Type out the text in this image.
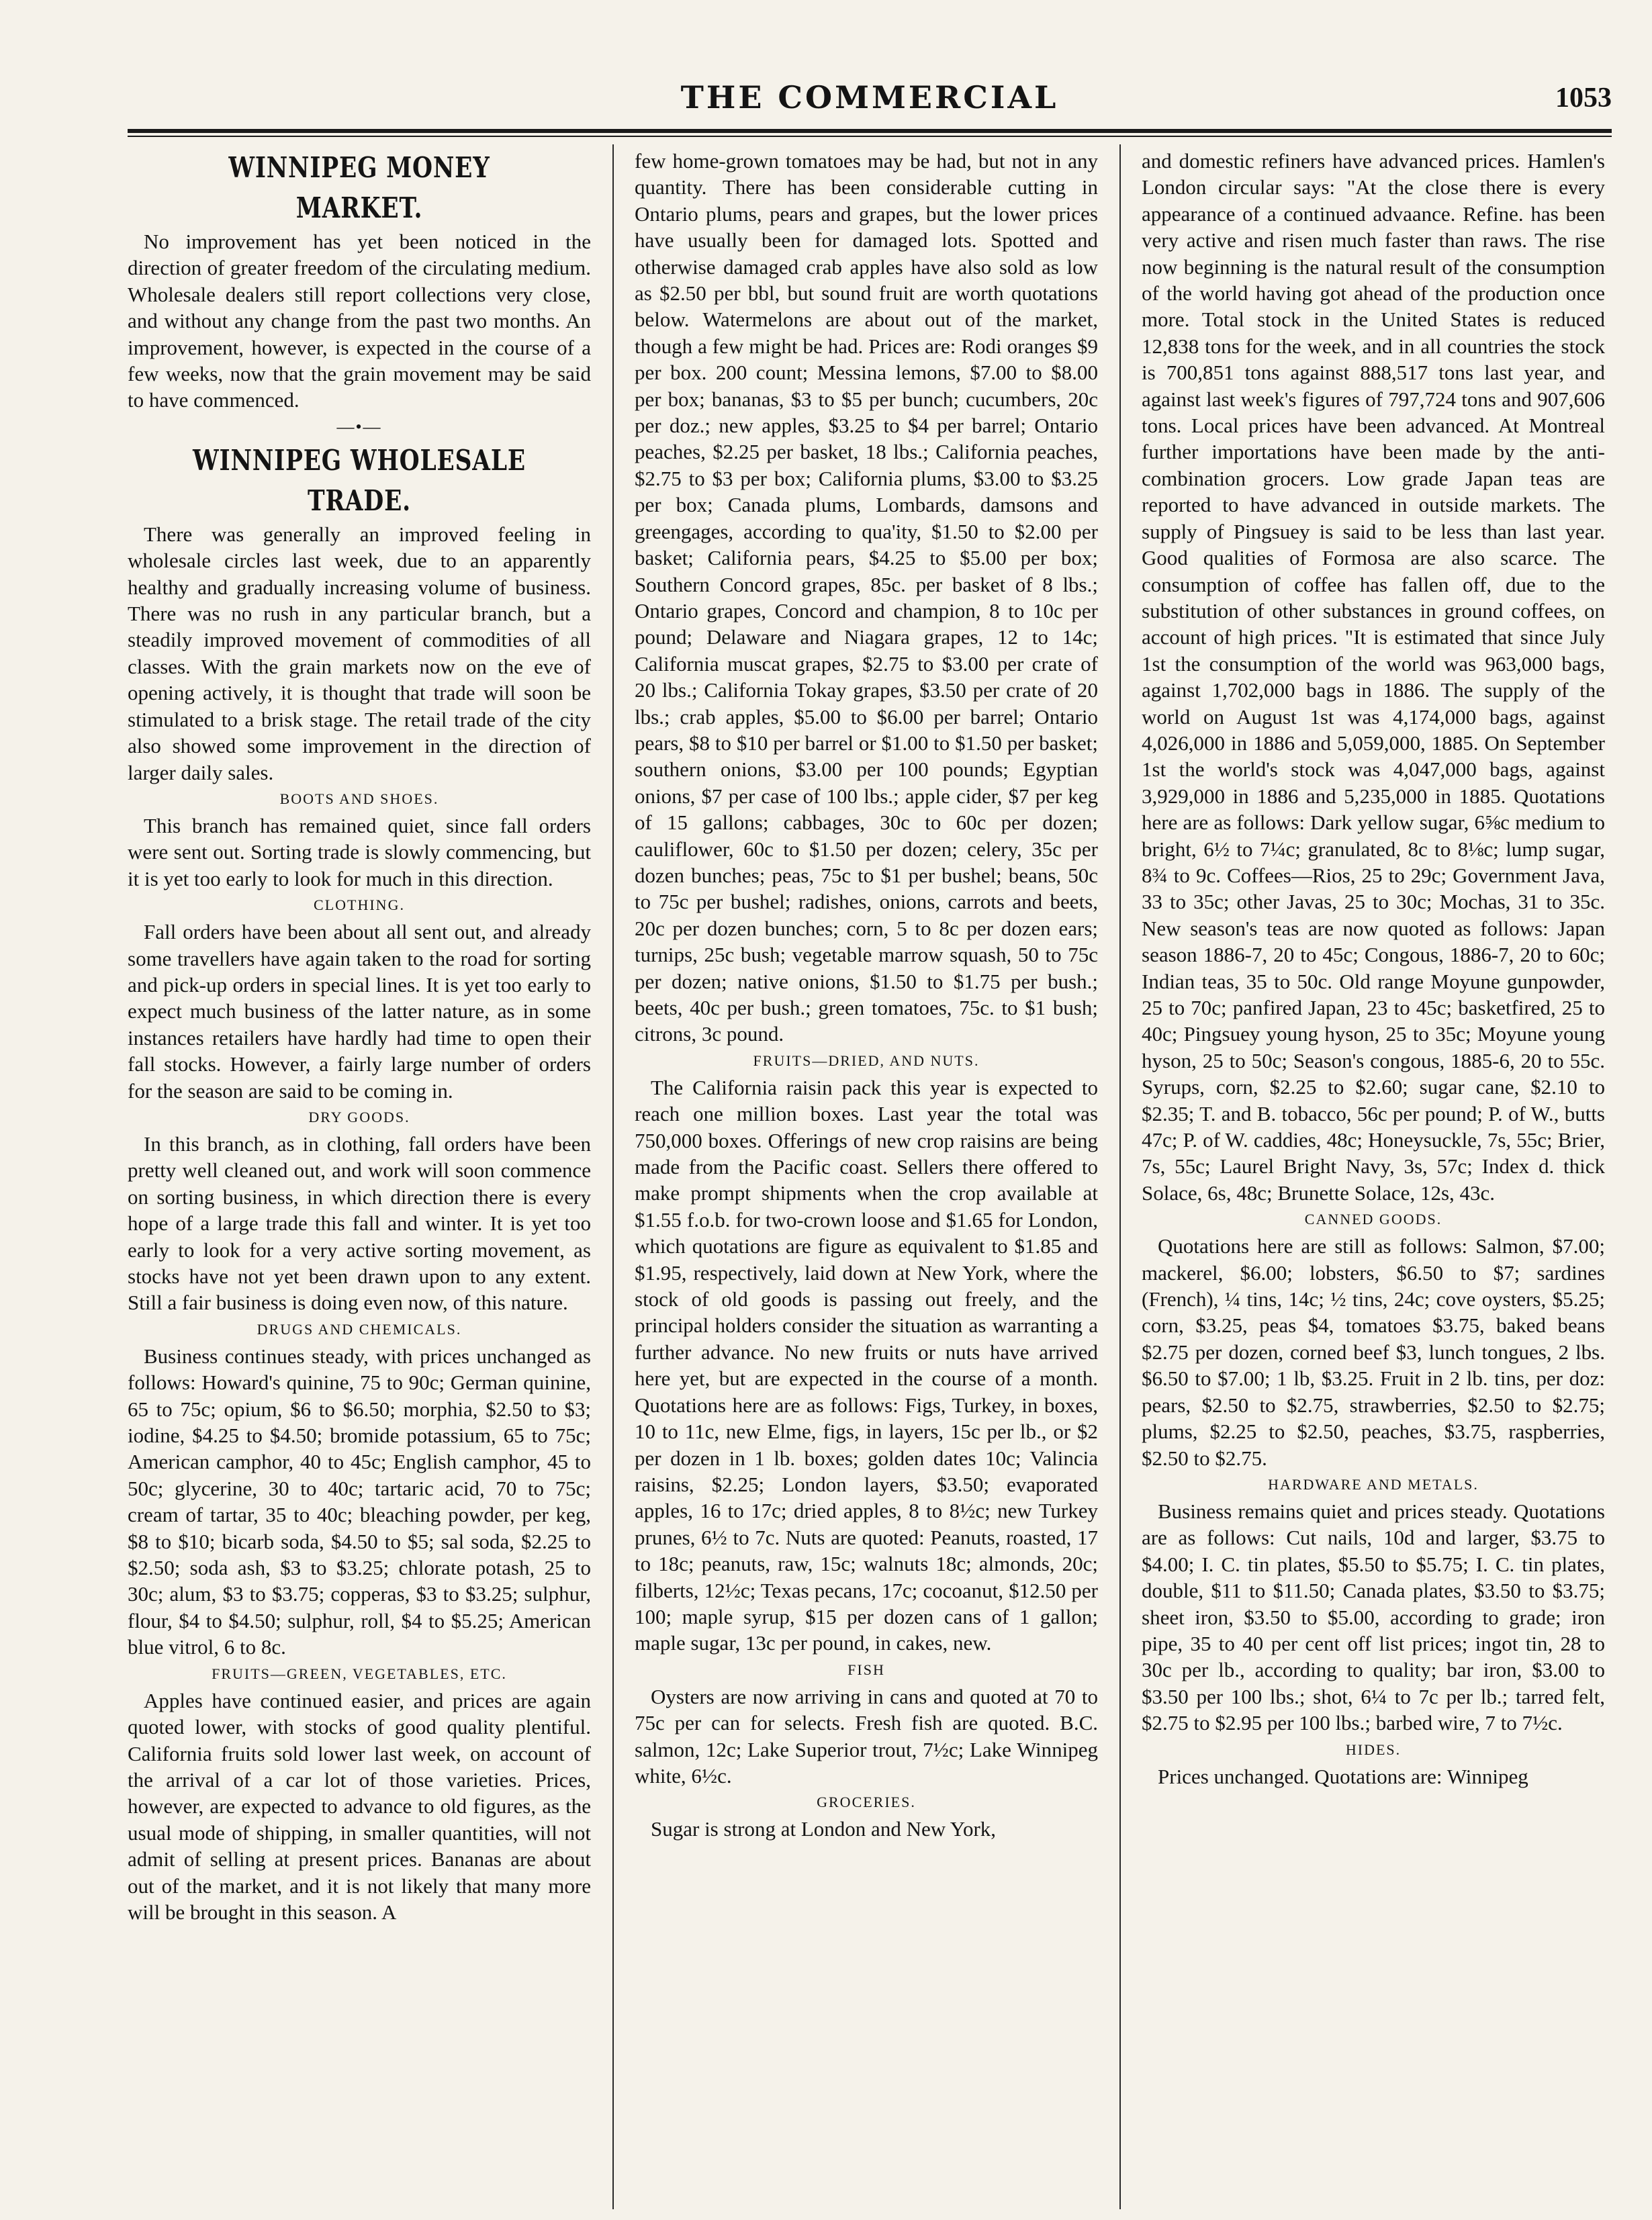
THE COMMERCIAL	1053
WINNIPEG MONEY MARKET.

No improvement has yet been noticed in the direction of greater freedom of the circulating medium. Wholesale dealers still report collections very close, and without any change from the past two months. An improvement, however, is expected in the course of a few weeks, now that the grain movement may be said to have commenced.

—•—
WINNIPEG WHOLESALE TRADE.

There was generally an improved feeling in wholesale circles last week, due to an apparently healthy and gradually increasing volume of business. There was no rush in any particular branch, but a steadily improved movement of commodities of all classes. With the grain markets now on the eve of opening actively, it is thought that trade will soon be stimulated to a brisk stage. The retail trade of the city also showed some improvement in the direction of larger daily sales.

BOOTS AND SHOES.

This branch has remained quiet, since fall orders were sent out. Sorting trade is slowly commencing, but it is yet too early to look for much in this direction.

CLOTHING.

Fall orders have been about all sent out, and already some travellers have again taken to the road for sorting and pick-up orders in special lines. It is yet too early to expect much business of the latter nature, as in some instances retailers have hardly had time to open their fall stocks. However, a fairly large number of orders for the season are said to be coming in.

DRY GOODS.

In this branch, as in clothing, fall orders have been pretty well cleaned out, and work will soon commence on sorting business, in which direction there is every hope of a large trade this fall and winter. It is yet too early to look for a very active sorting movement, as stocks have not yet been drawn upon to any extent. Still a fair business is doing even now, of this nature.

DRUGS AND CHEMICALS.

Business continues steady, with prices unchanged as follows: Howard's quinine, 75 to 90c; German quinine, 65 to 75c; opium, $6 to $6.50; morphia, $2.50 to $3; iodine, $4.25 to $4.50; bromide potassium, 65 to 75c; American camphor, 40 to 45c; English camphor, 45 to 50c; glycerine, 30 to 40c; tartaric acid, 70 to 75c; cream of tartar, 35 to 40c; bleaching powder, per keg, $8 to $10; bicarb soda, $4.50 to $5; sal soda, $2.25 to $2.50; soda ash, $3 to $3.25; chlorate potash, 25 to 30c; alum, $3 to $3.75; copperas, $3 to $3.25; sulphur, flour, $4 to $4.50; sulphur, roll, $4 to $5.25; American blue vitrol, 6 to 8c.

FRUITS—GREEN, VEGETABLES, ETC.

Apples have continued easier, and prices are again quoted lower, with stocks of good quality plentiful. California fruits sold lower last week, on account of the arrival of a car lot of those varieties. Prices, however, are expected to advance to old figures, as the usual mode of shipping, in smaller quantities, will not admit of selling at present prices. Bananas are about out of the market, and it is not likely that many more will be brought in this season. A

few home-grown tomatoes may be had, but not in any quantity. There has been considerable cutting in Ontario plums, pears and grapes, but the lower prices have usually been for damaged lots. Spotted and otherwise damaged crab apples have also sold as low as $2.50 per bbl, but sound fruit are worth quotations below. Watermelons are about out of the market, though a few might be had. Prices are: Rodi oranges $9 per box. 200 count; Messina lemons, $7.00 to $8.00 per box; bananas, $3 to $5 per bunch; cucumbers, 20c per doz.; new apples, $3.25 to $4 per barrel; Ontario peaches, $2.25 per basket, 18 lbs.; California peaches, $2.75 to $3 per box; California plums, $3.00 to $3.25 per box; Canada plums, Lombards, damsons and greengages, according to qua'ity, $1.50 to $2.00 per basket; California pears, $4.25 to $5.00 per box; Southern Concord grapes, 85c. per basket of 8 lbs.; Ontario grapes, Concord and champion, 8 to 10c per pound; Delaware and Niagara grapes, 12 to 14c; California muscat grapes, $2.75 to $3.00 per crate of 20 lbs.; California Tokay grapes, $3.50 per crate of 20 lbs.; crab apples, $5.00 to $6.00 per barrel; Ontario pears, $8 to $10 per barrel or $1.00 to $1.50 per basket; southern onions, $3.00 per 100 pounds; Egyptian onions, $7 per case of 100 lbs.; apple cider, $7 per keg of 15 gallons; cabbages, 30c to 60c per dozen; cauliflower, 60c to $1.50 per dozen; celery, 35c per dozen bunches; peas, 75c to $1 per bushel; beans, 50c to 75c per bushel; radishes, onions, carrots and beets, 20c per dozen bunches; corn, 5 to 8c per dozen ears; turnips, 25c bush; vegetable marrow squash, 50 to 75c per dozen; native onions, $1.50 to $1.75 per bush.; beets, 40c per bush.; green tomatoes, 75c. to $1 bush; citrons, 3c pound.

FRUITS—DRIED, AND NUTS.

The California raisin pack this year is expected to reach one million boxes. Last year the total was 750,000 boxes. Offerings of new crop raisins are being made from the Pacific coast. Sellers there offered to make prompt shipments when the crop available at $1.55 f.o.b. for two-crown loose and $1.65 for London, which quotations are figure as equivalent to $1.85 and $1.95, respectively, laid down at New York, where the stock of old goods is passing out freely, and the principal holders consider the situation as warranting a further advance. No new fruits or nuts have arrived here yet, but are expected in the course of a month. Quotations here are as follows: Figs, Turkey, in boxes, 10 to 11c, new Elme, figs, in layers, 15c per lb., or $2 per dozen in 1 lb. boxes; golden dates 10c; Valincia raisins, $2.25; London layers, $3.50; evaporated apples, 16 to 17c; dried apples, 8 to 8½c; new Turkey prunes, 6½ to 7c. Nuts are quoted: Peanuts, roasted, 17 to 18c; peanuts, raw, 15c; walnuts 18c; almonds, 20c; filberts, 12½c; Texas pecans, 17c; cocoanut, $12.50 per 100; maple syrup, $15 per dozen cans of 1 gallon; maple sugar, 13c per pound, in cakes, new.

FISH

Oysters are now arriving in cans and quoted at 70 to 75c per can for selects. Fresh fish are quoted. B.C. salmon, 12c; Lake Superior trout, 7½c; Lake Winnipeg white, 6½c.

GROCERIES.

Sugar is strong at London and New York,

and domestic refiners have advanced prices. Hamlen's London circular says: "At the close there is every appearance of a continued advaance. Refine. has been very active and risen much faster than raws. The rise now beginning is the natural result of the consumption of the world having got ahead of the production once more. Total stock in the United States is reduced 12,838 tons for the week, and in all countries the stock is 700,851 tons against 888,517 tons last year, and against last week's figures of 797,724 tons and 907,606 tons. Local prices have been advanced. At Montreal further importations have been made by the anti-combination grocers. Low grade Japan teas are reported to have advanced in outside markets. The supply of Pingsuey is said to be less than last year. Good qualities of Formosa are also scarce. The consumption of coffee has fallen off, due to the substitution of other substances in ground coffees, on account of high prices. "It is estimated that since July 1st the consumption of the world was 963,000 bags, against 1,702,000 bags in 1886. The supply of the world on August 1st was 4,174,000 bags, against 4,026,000 in 1886 and 5,059,000, 1885. On September 1st the world's stock was 4,047,000 bags, against 3,929,000 in 1886 and 5,235,000 in 1885. Quotations here are as follows: Dark yellow sugar, 6⅝c medium to bright, 6½ to 7¼c; granulated, 8c to 8⅛c; lump sugar, 8¾ to 9c. Coffees—Rios, 25 to 29c; Government Java, 33 to 35c; other Javas, 25 to 30c; Mochas, 31 to 35c. New season's teas are now quoted as follows: Japan season 1886-7, 20 to 45c; Congous, 1886-7, 20 to 60c; Indian teas, 35 to 50c. Old range Moyune gunpowder, 25 to 70c; panfired Japan, 23 to 45c; basketfired, 25 to 40c; Pingsuey young hyson, 25 to 35c; Moyune young hyson, 25 to 50c; Season's congous, 1885-6, 20 to 55c. Syrups, corn, $2.25 to $2.60; sugar cane, $2.10 to $2.35; T. and B. tobacco, 56c per pound; P. of W., butts 47c; P. of W. caddies, 48c; Honeysuckle, 7s, 55c; Brier, 7s, 55c; Laurel Bright Navy, 3s, 57c; Index d. thick Solace, 6s, 48c; Brunette Solace, 12s, 43c.

CANNED GOODS.

Quotations here are still as follows: Salmon, $7.00; mackerel, $6.00; lobsters, $6.50 to $7; sardines (French), ¼ tins, 14c; ½ tins, 24c; cove oysters, $5.25; corn, $3.25, peas $4, tomatoes $3.75, baked beans $2.75 per dozen, corned beef $3, lunch tongues, 2 lbs. $6.50 to $7.00; 1 lb, $3.25. Fruit in 2 lb. tins, per doz: pears, $2.50 to $2.75, strawberries, $2.50 to $2.75; plums, $2.25 to $2.50, peaches, $3.75, raspberries, $2.50 to $2.75.

HARDWARE AND METALS.

Business remains quiet and prices steady. Quotations are as follows: Cut nails, 10d and larger, $3.75 to $4.00; I. C. tin plates, $5.50 to $5.75; I. C. tin plates, double, $11 to $11.50; Canada plates, $3.50 to $3.75; sheet iron, $3.50 to $5.00, according to grade; iron pipe, 35 to 40 per cent off list prices; ingot tin, 28 to 30c per lb., according to quality; bar iron, $3.00 to $3.50 per 100 lbs.; shot, 6¼ to 7c per lb.; tarred felt, $2.75 to $2.95 per 100 lbs.; barbed wire, 7 to 7½c.

HIDES.

Prices unchanged. Quotations are: Winnipeg
